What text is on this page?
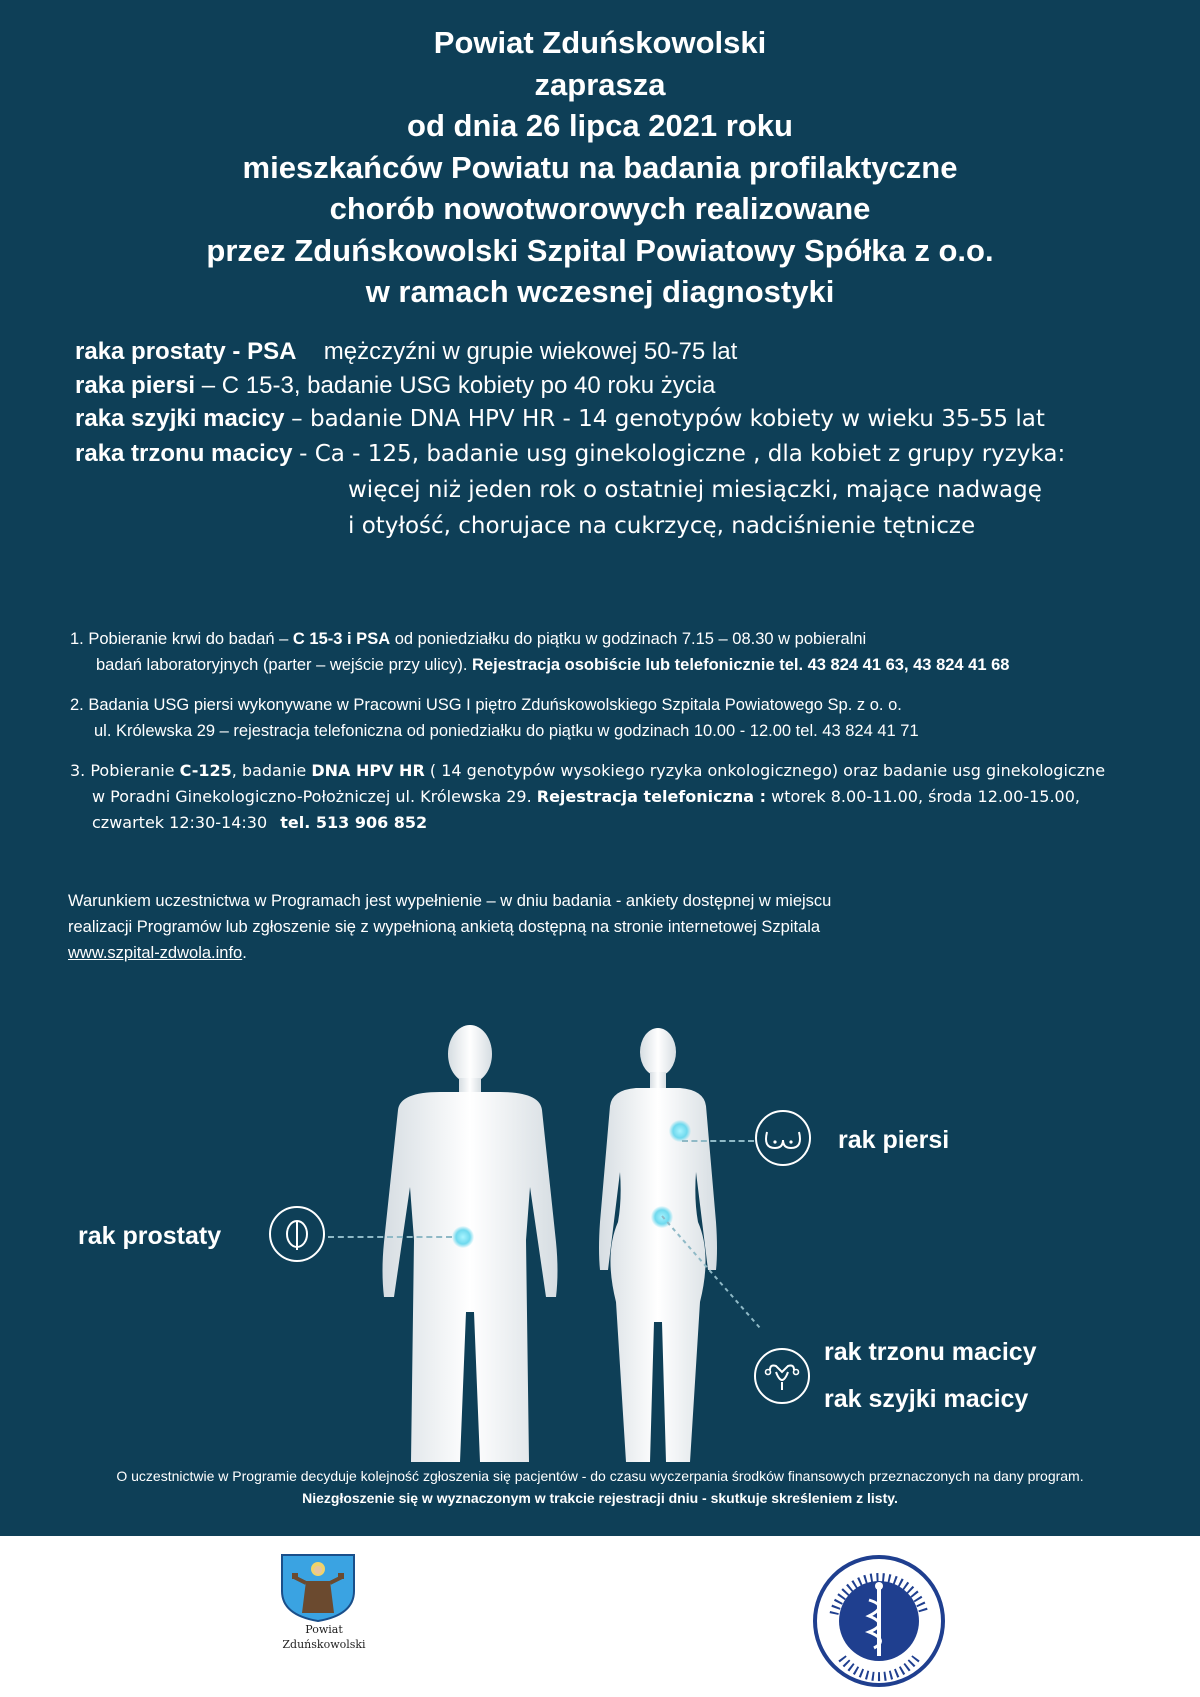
Powiat Zduńskowolski
zaprasza
od dnia 26 lipca 2021 roku
mieszkańców Powiatu na badania profilaktyczne
chorób nowotworowych realizowane
przez Zduńskowolski Szpital Powiatowy Spółka z o.o.
w ramach wczesnej diagnostyki
raka prostaty - PSA mężczyźni w grupie wiekowej 50-75 lat
raka piersi – C 15-3, badanie USG kobiety po 40 roku życia
raka szyjki macicy – badanie DNA HPV HR - 14 genotypów kobiety w wieku 35-55 lat
raka trzonu macicy - Ca - 125, badanie usg ginekologiczne , dla kobiet z grupy ryzyka:
więcej niż jeden rok o ostatniej miesiączki, mające nadwagę
i otyłość, chorujace na cukrzycę, nadciśnienie tętnicze
1. Pobieranie krwi do badań – C 15-3 i PSA od poniedziałku do piątku w godzinach 7.15 – 08.30 w pobieralni
badań laboratoryjnych (parter – wejście przy ulicy). Rejestracja osobiście lub telefonicznie tel. 43 824 41 63, 43 824 41 68
2. Badania USG piersi wykonywane w Pracowni USG I piętro Zduńskowolskiego Szpitala Powiatowego Sp. z o. o.
ul. Królewska 29 – rejestracja telefoniczna od poniedziałku do piątku w godzinach 10.00 - 12.00 tel. 43 824 41 71
3. Pobieranie C-125, badanie DNA HPV HR ( 14 genotypów wysokiego ryzyka onkologicznego) oraz badanie usg ginekologiczne
w Poradni Ginekologiczno-Położniczej ul. Królewska 29. Rejestracja telefoniczna : wtorek 8.00-11.00, środa 12.00-15.00,
czwartek 12:30-14:30 tel. 513 906 852
Warunkiem uczestnictwa w Programach jest wypełnienie – w dniu badania - ankiety dostępnej w miejscu
realizacji Programów lub zgłoszenie się z wypełnioną ankietą dostępną na stronie internetowej Szpitala
www.szpital-zdwola.info.
rak prostaty
rak piersi
rak trzonu macicy
rak szyjki macicy
O uczestnictwie w Programie decyduje kolejność zgłoszenia się pacjentów - do czasu wyczerpania środków finansowych przeznaczonych na dany program.
Niezgłoszenie się w wyznaczonym w trakcie rejestracji dniu - skutkuje skreśleniem z listy.
Powiat
Zduńskowolski
